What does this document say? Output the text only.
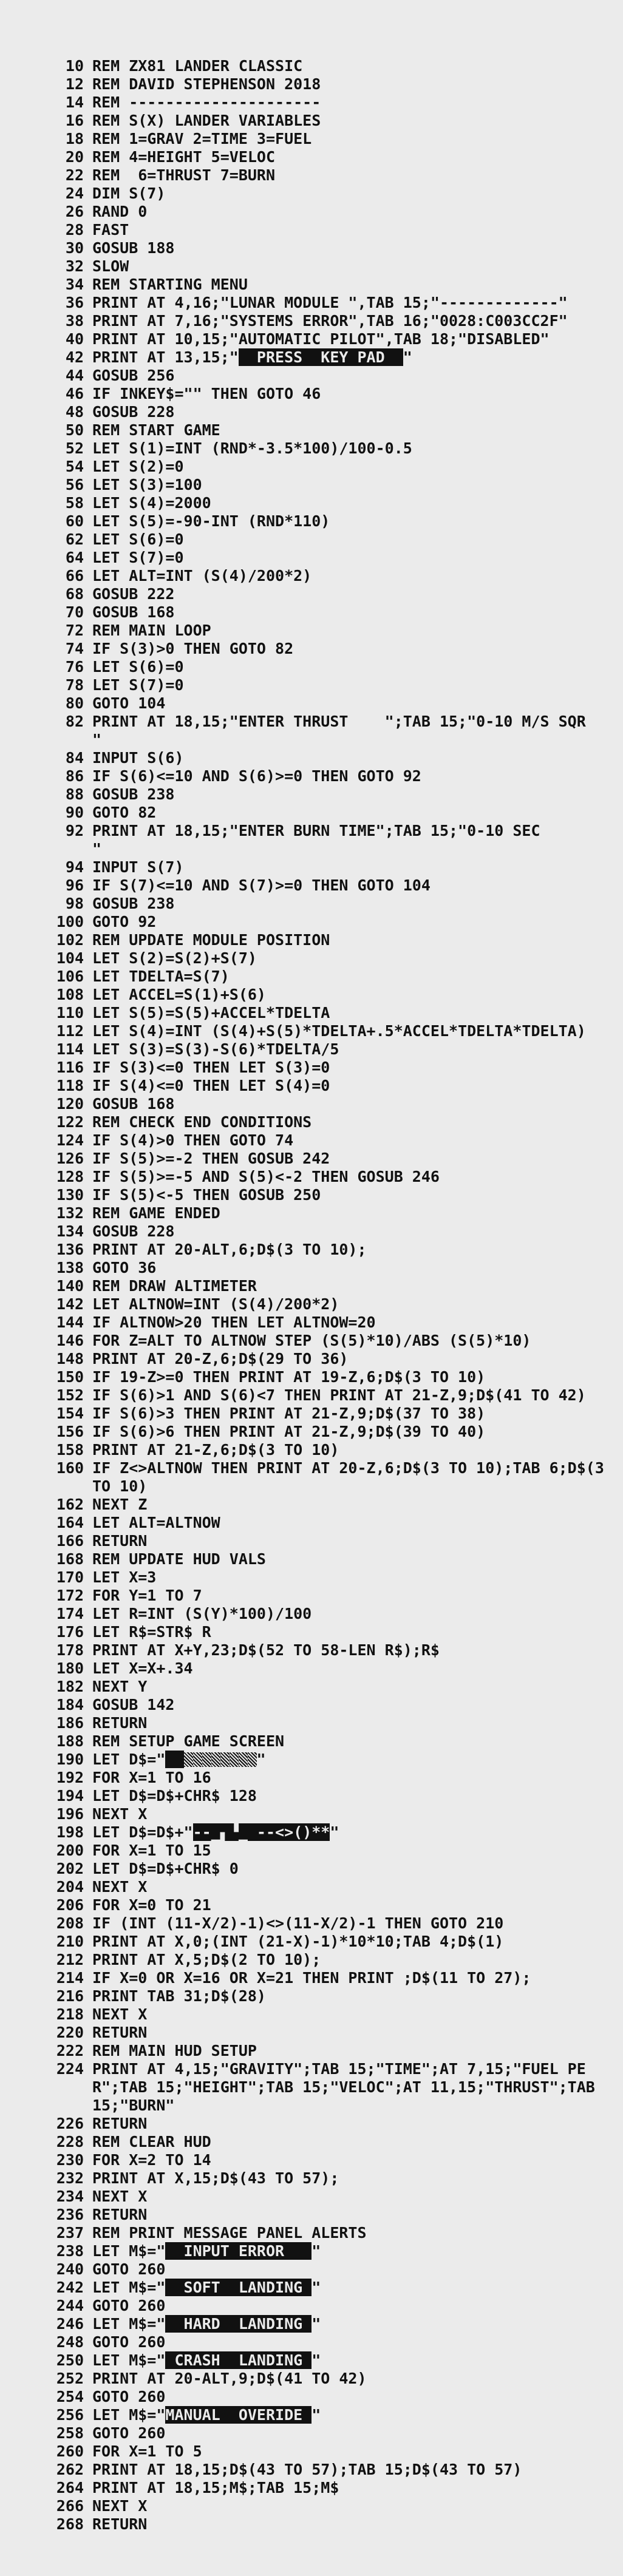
10 REM ZX81 LANDER CLASSIC
12 REM DAVID STEPHENSON 2018
14 REM ---------------------
16 REM S(X) LANDER VARIABLES
18 REM 1=GRAV 2=TIME 3=FUEL
20 REM 4=HEIGHT 5=VELOC
22 REM  6=THRUST 7=BURN
24 DIM S(7)
26 RAND 0
28 FAST
30 GOSUB 188
32 SLOW
34 REM STARTING MENU
36 PRINT AT 4,16;"LUNAR MODULE ",TAB 15;"-------------"
38 PRINT AT 7,16;"SYSTEMS ERROR",TAB 16;"0028:C003CC2F"
40 PRINT AT 10,15;"AUTOMATIC PILOT",TAB 18;"DISABLED"
42 PRINT AT 13,15;"  PRESS  KEY PAD  "
44 GOSUB 256
46 IF INKEY$="" THEN GOTO 46
48 GOSUB 228
50 REM START GAME
52 LET S(1)=INT (RND*-3.5*100)/100-0.5
54 LET S(2)=0
56 LET S(3)=100
58 LET S(4)=2000
60 LET S(5)=-90-INT (RND*110)
62 LET S(6)=0
64 LET S(7)=0
66 LET ALT=INT (S(4)/200*2)
68 GOSUB 222
70 GOSUB 168
72 REM MAIN LOOP
74 IF S(3)>0 THEN GOTO 82
76 LET S(6)=0
78 LET S(7)=0
80 GOTO 104
82 PRINT AT 18,15;"ENTER THRUST    ";TAB 15;"0-10 M/S SQR    "
84 INPUT S(6)
86 IF S(6)<=10 AND S(6)>=0 THEN GOTO 92
88 GOSUB 238
90 GOTO 82
92 PRINT AT 18,15;"ENTER BURN TIME";TAB 15;"0-10 SEC        "
94 INPUT S(7)
96 IF S(7)<=10 AND S(7)>=0 THEN GOTO 104
98 GOSUB 238
100 GOTO 92
102 REM UPDATE MODULE POSITION
104 LET S(2)=S(2)+S(7)
106 LET TDELTA=S(7)
108 LET ACCEL=S(1)+S(6)
110 LET S(5)=S(5)+ACCEL*TDELTA
112 LET S(4)=INT (S(4)+S(5)*TDELTA+.5*ACCEL*TDELTA*TDELTA)
114 LET S(3)=S(3)-S(6)*TDELTA/5
116 IF S(3)<=0 THEN LET S(3)=0
118 IF S(4)<=0 THEN LET S(4)=0
120 GOSUB 168
122 REM CHECK END CONDITIONS
124 IF S(4)>0 THEN GOTO 74
126 IF S(5)>=-2 THEN GOSUB 242
128 IF S(5)>=-5 AND S(5)<-2 THEN GOSUB 246
130 IF S(5)<-5 THEN GOSUB 250
132 REM GAME ENDED
134 GOSUB 228
136 PRINT AT 20-ALT,6;D$(3 TO 10);
138 GOTO 36
140 REM DRAW ALTIMETER
142 LET ALTNOW=INT (S(4)/200*2)
144 IF ALTNOW>20 THEN LET ALTNOW=20
146 FOR Z=ALT TO ALTNOW STEP (S(5)*10)/ABS (S(5)*10)
148 PRINT AT 20-Z,6;D$(29 TO 36)
150 IF 19-Z>=0 THEN PRINT AT 19-Z,6;D$(3 TO 10)
152 IF S(6)>1 AND S(6)<7 THEN PRINT AT 21-Z,9;D$(41 TO 42)
154 IF S(6)>3 THEN PRINT AT 21-Z,9;D$(37 TO 38)
156 IF S(6)>6 THEN PRINT AT 21-Z,9;D$(39 TO 40)
158 PRINT AT 21-Z,6;D$(3 TO 10)
160 IF Z<>ALTNOW THEN PRINT AT 20-Z,6;D$(3 TO 10);TAB 6;D$(3 TO 10)
162 NEXT Z
164 LET ALT=ALTNOW
166 RETURN
168 REM UPDATE HUD VALS
170 LET X=3
172 FOR Y=1 TO 7
174 LET R=INT (S(Y)*100)/100
176 LET R$=STR$ R
178 PRINT AT X+Y,23;D$(52 TO 58-LEN R$);R$
180 LET X=X+.34
182 NEXT Y
184 GOSUB 142
186 RETURN
188 REM SETUP GAME SCREEN
190 LET D$="	"
192 FOR X=1 TO 16
194 LET D$=D$+CHR$ 128
196 NEXT X
198 LET D$=D$+"--_▖▝_ --<>()**"
200 FOR X=1 TO 15
202 LET D$=D$+CHR$ 0
204 NEXT X
206 FOR X=0 TO 21
208 IF (INT (11-X/2)-1)<>(11-X/2)-1 THEN GOTO 210
210 PRINT AT X,0;(INT (21-X)-1)*10*10;TAB 4;D$(1)
212 PRINT AT X,5;D$(2 TO 10);
214 IF X=0 OR X=16 OR X=21 THEN PRINT ;D$(11 TO 27);
216 PRINT TAB 31;D$(28)
218 NEXT X
220 RETURN
222 REM MAIN HUD SETUP
224 PRINT AT 4,15;"GRAVITY";TAB 15;"TIME";AT 7,15;"FUEL PER";TAB 15;"HEIGHT";TAB 15;"VELOC";AT 11,15;"THRUST";TAB 15;"BURN"
226 RETURN
228 REM CLEAR HUD
230 FOR X=2 TO 14
232 PRINT AT X,15;D$(43 TO 57);
234 NEXT X
236 RETURN
237 REM PRINT MESSAGE PANEL ALERTS
238 LET M$="  INPUT ERROR   "
240 GOTO 260
242 LET M$="  SOFT  LANDING "
244 GOTO 260
246 LET M$="  HARD  LANDING "
248 GOTO 260
250 LET M$=" CRASH  LANDING "
252 PRINT AT 20-ALT,9;D$(41 TO 42)
254 GOTO 260
256 LET M$="MANUAL  OVERIDE "
258 GOTO 260
260 FOR X=1 TO 5
262 PRINT AT 18,15;D$(43 TO 57);TAB 15;D$(43 TO 57)
264 PRINT AT 18,15;M$;TAB 15;M$
266 NEXT X
268 RETURN
